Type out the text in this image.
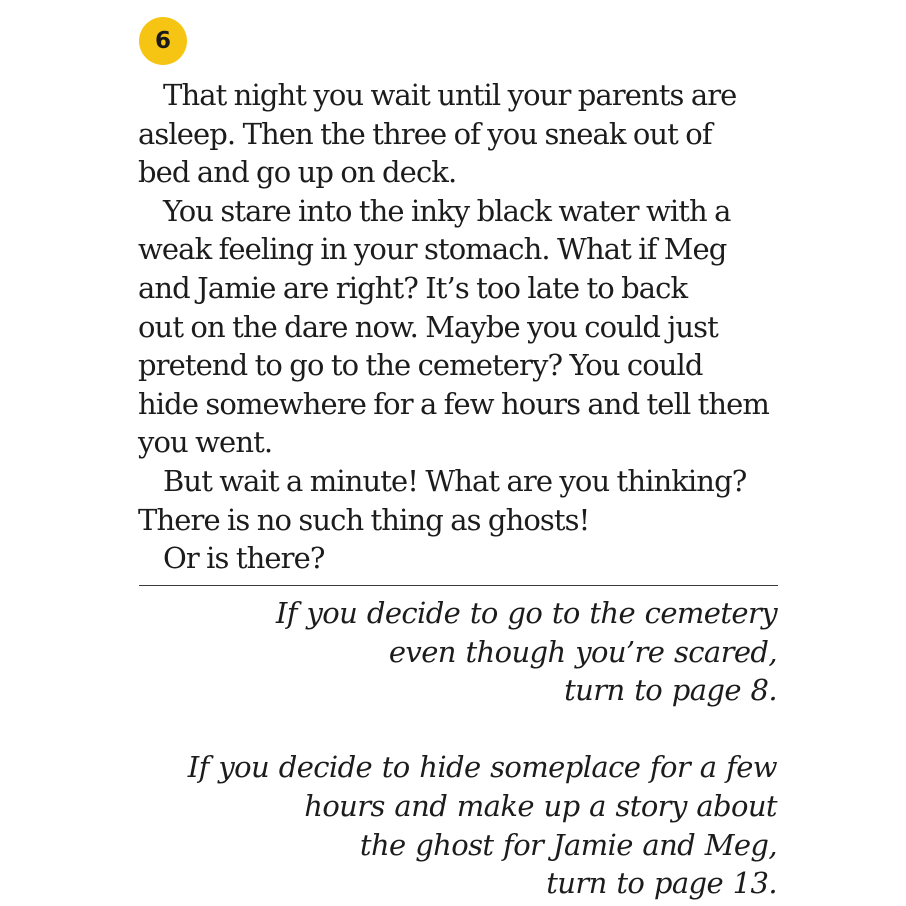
6
That night you wait until your parents are
asleep. Then the three of you sneak out of
bed and go up on deck.
You stare into the inky black water with a
weak feeling in your stomach. What if Meg
and Jamie are right? It’s too late to back
out on the dare now. Maybe you could just
pretend to go to the cemetery? You could
hide somewhere for a few hours and tell them
you went.
But wait a minute! What are you thinking?
There is no such thing as ghosts!
Or is there?
If you decide to go to the cemetery
even though you’re scared,
turn to page 8.
If you decide to hide someplace for a few
hours and make up a story about
the ghost for Jamie and Meg,
turn to page 13.
